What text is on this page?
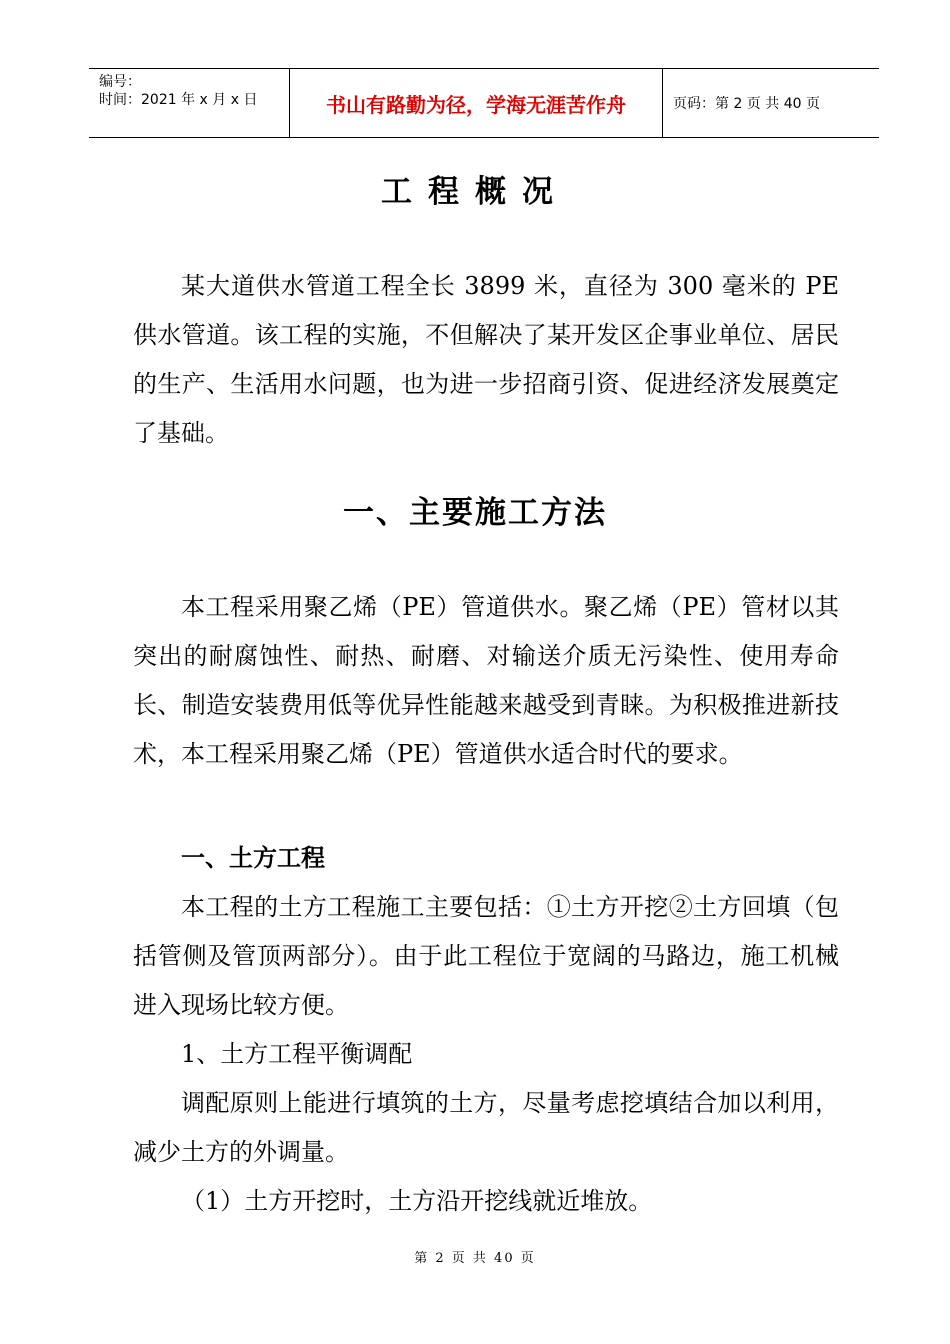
编号：
时间：2021 年 x 月 x 日	书山有路勤为径，学海无涯苦作舟	页码：第 2 页 共 40 页
工程概况
某大道供水管道工程全长 3899 米，直径为 300 毫米的 PE 供水管道。该工程的实施，不但解决了某开发区企事业单位、居民的生产、生活用水问题，也为进一步招商引资、促进经济发展奠定了基础。
一、主要施工方法
本工程采用聚乙烯（PE）管道供水。聚乙烯（PE）管材以其突出的耐腐蚀性、耐热、耐磨、对输送介质无污染性、使用寿命长、制造安装费用低等优异性能越来越受到青睐。为积极推进新技术，本工程采用聚乙烯（PE）管道供水适合时代的要求。
一、土方工程
本工程的土方工程施工主要包括：①土方开挖②土方回填（包括管侧及管顶两部分）。由于此工程位于宽阔的马路边，施工机械进入现场比较方便。
1、土方工程平衡调配
调配原则上能进行填筑的土方，尽量考虑挖填结合加以利用，减少土方的外调量。
（1）土方开挖时，土方沿开挖线就近堆放。
第 2 页 共 40 页
